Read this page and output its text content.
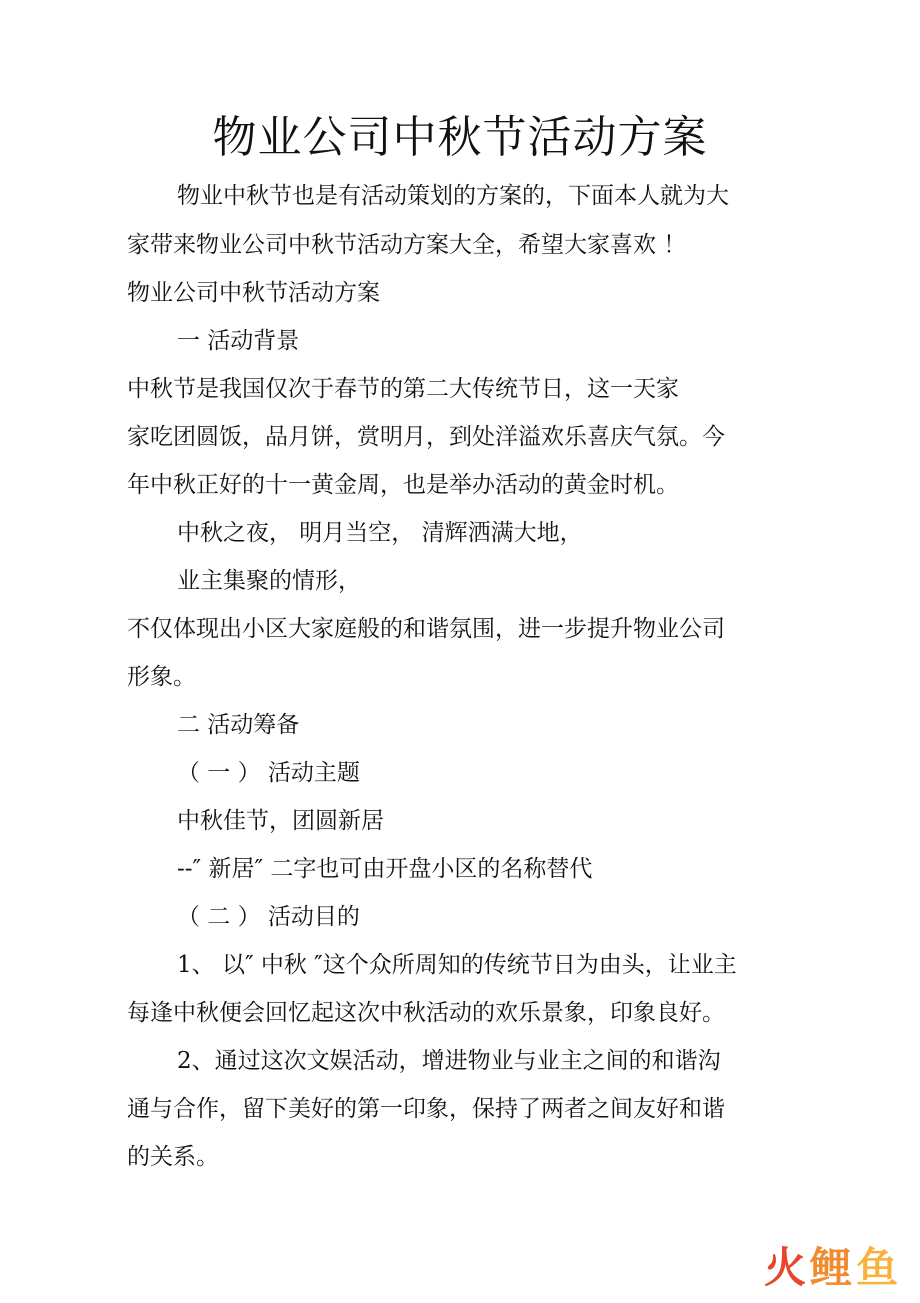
物业公司中秋节活动方案
物业中秋节也是有活动策划的方案的，下面本人就为大
家带来物业公司中秋节活动方案大全，希望大家喜欢 ！
物业公司中秋节活动方案
一 活动背景
中秋节是我国仅次于春节的第二大传统节日，这一天家
家吃团圆饭，品月饼，赏明月，到处洋溢欢乐喜庆气氛。今
年中秋正好的十一黄金周，也是举办活动的黄金时机。
中秋之夜， 明月当空， 清辉洒满大地，
业主集聚的情形，
不仅体现出小区大家庭般的和谐氛围，进一步提升物业公司
形象。
二 活动筹备
（ 一 ） 活动主题
中秋佳节，团圆新居
--″ 新居″ 二字也可由开盘小区的名称替代
（ 二 ） 活动目的
1、 以″ 中秋 ″这个众所周知的传统节日为由头，让业主
每逢中秋便会回忆起这次中秋活动的欢乐景象，印象良好。
2、通过这次文娱活动，增进物业与业主之间的和谐沟
通与合作，留下美好的第一印象，保持了两者之间友好和谐
的关系。
火 鲤 鱼
